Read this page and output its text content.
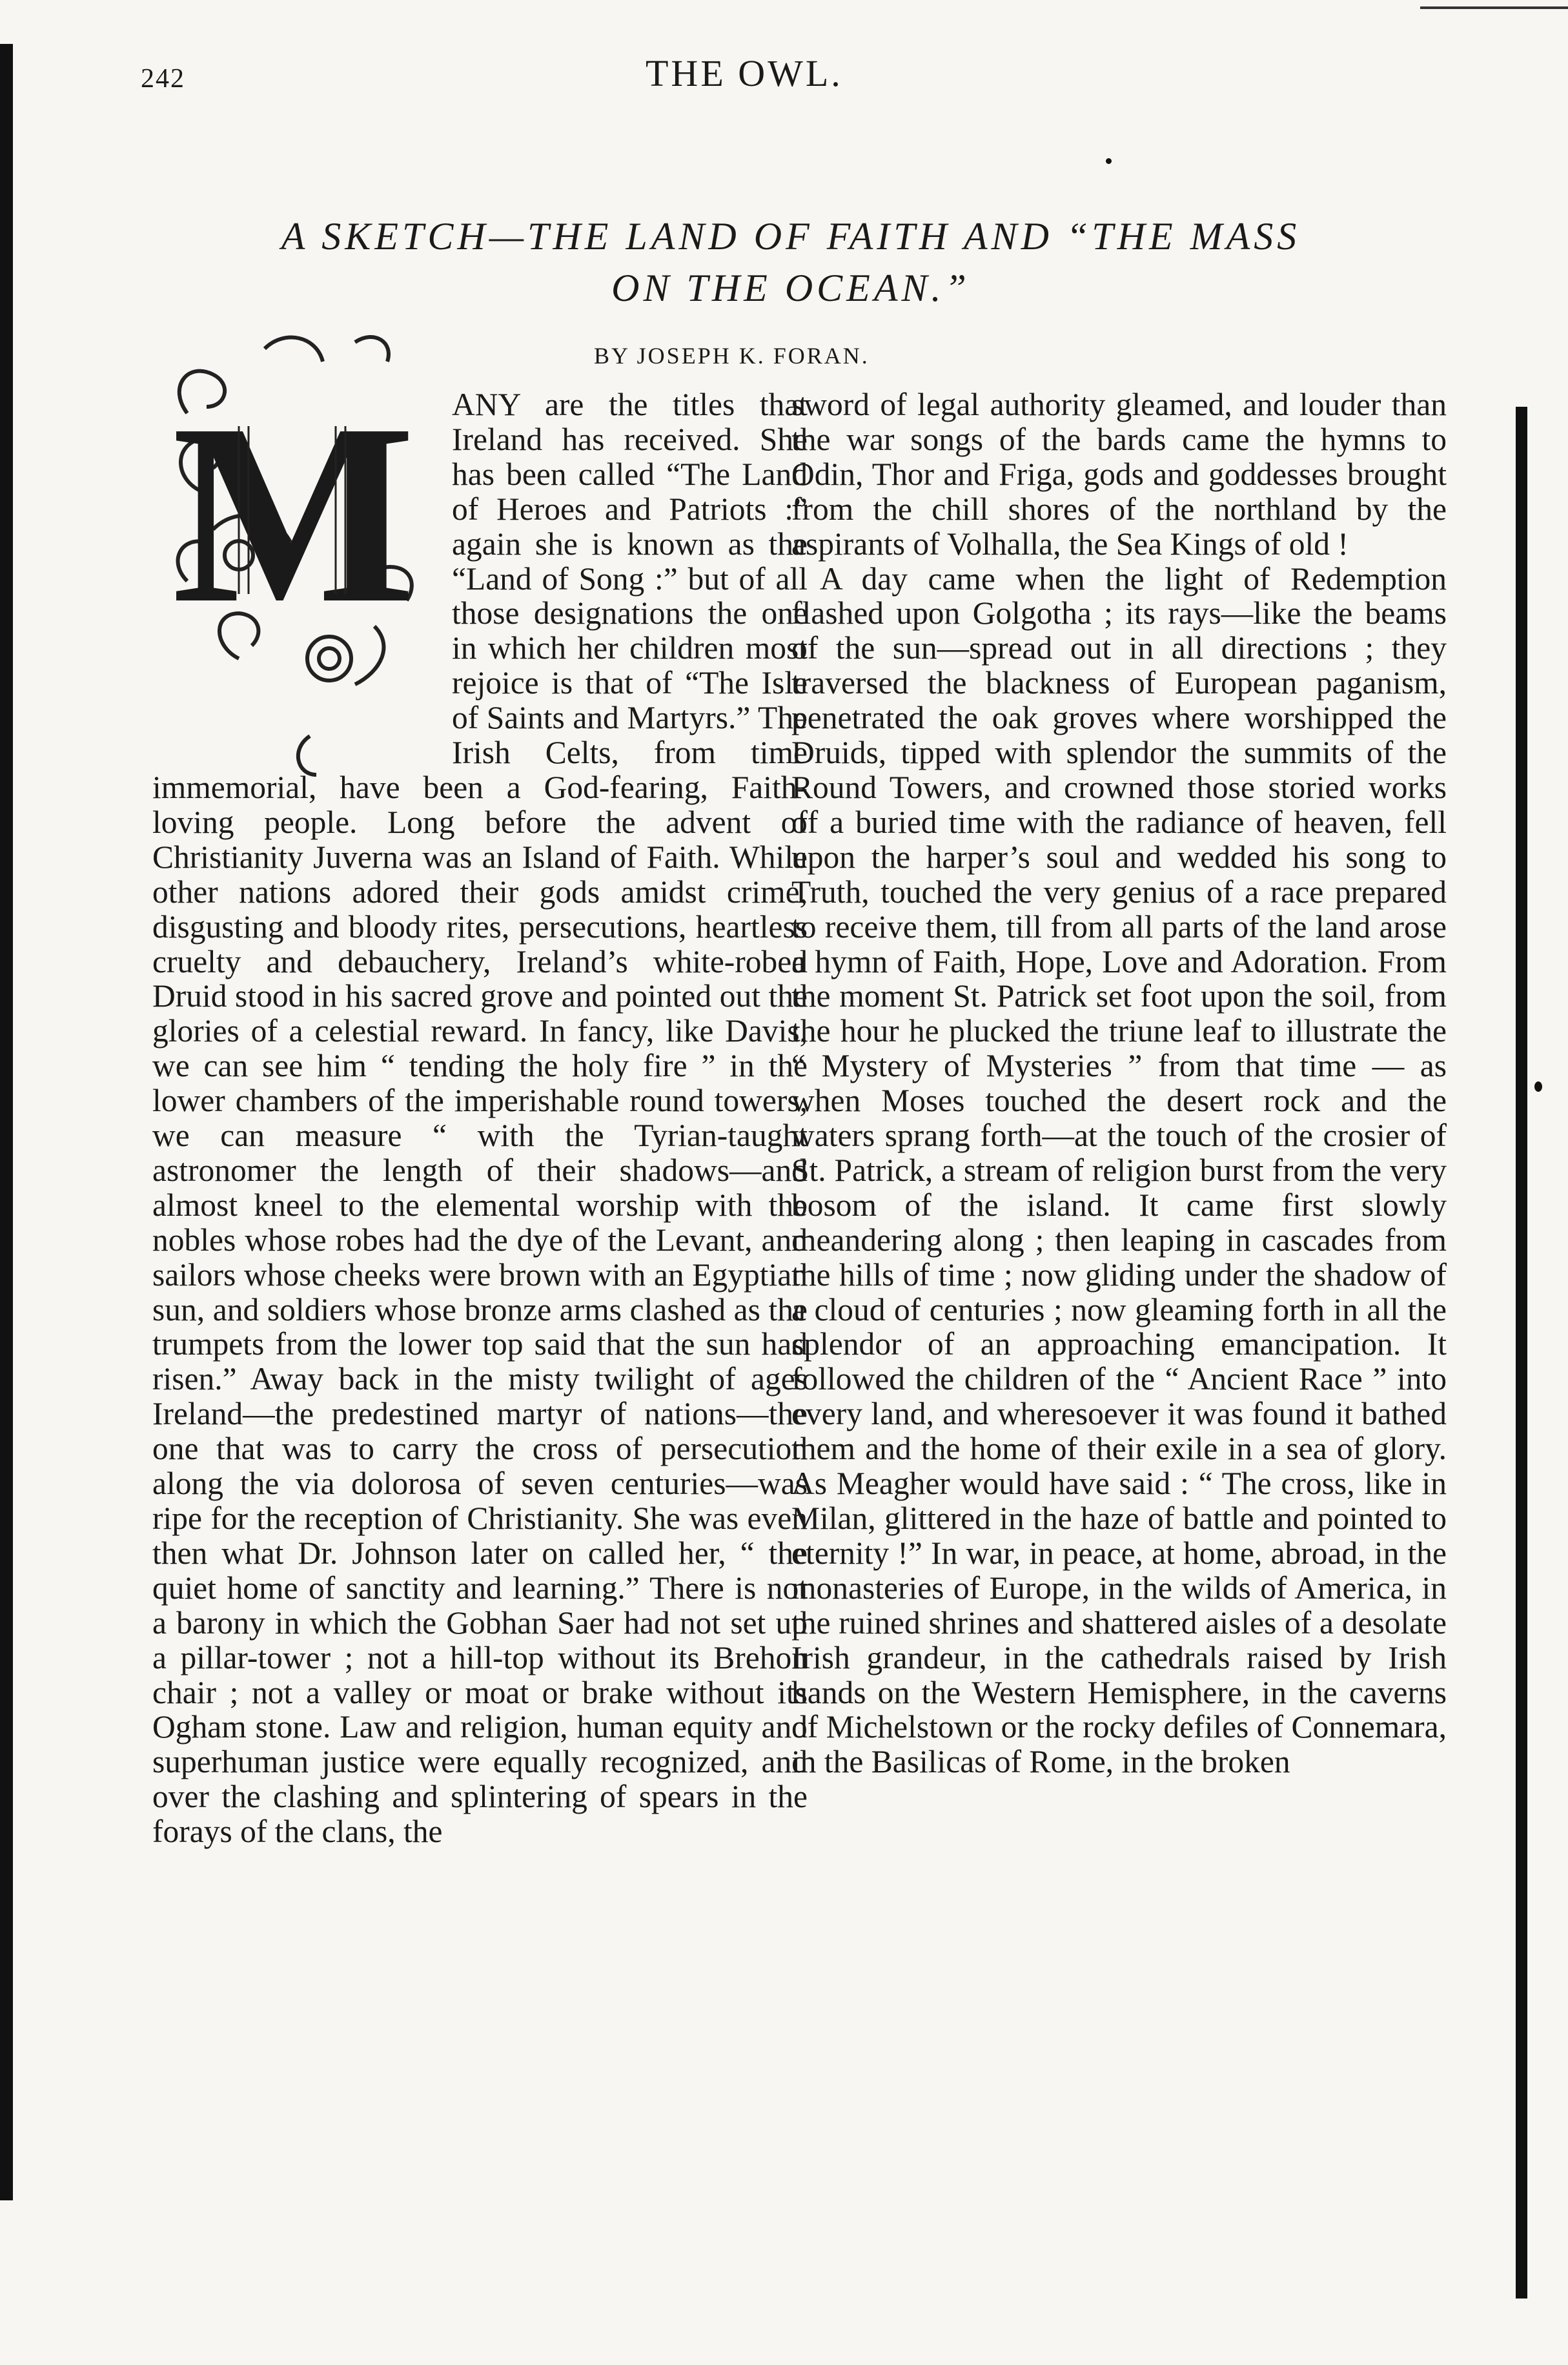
242	THE OWL.
A SKETCH—THE LAND OF FAITH AND “THE MASS
ON THE OCEAN.”
BY JOSEPH K. FORAN.
M	ANY are the titles that Ireland has received. She has been called “The Land of Heroes and Patriots :” again she is known as the “Land of Song :” but of all those designations the one in which her children most rejoice is that of “The Isle of Saints and Martyrs.” The Irish Celts, from time immemorial, have been a God-fearing, Faith-loving people. Long before the advent of Christianity Juverna was an Island of Faith. While other nations adored their gods amidst crime, disgusting and bloody rites, persecutions, heartless cruelty and debauchery, Ireland’s white-robed Druid stood in his sacred grove and pointed out the glories of a celestial reward. In fancy, like Davis, we can see him “ tending the holy fire ” in the lower chambers of the imperishable round towers, we can measure “ with the Tyrian-taught astronomer the length of their shadows—and almost kneel to the elemental worship with the nobles whose robes had the dye of the Levant, and sailors whose cheeks were brown with an Egyptian sun, and soldiers whose bronze arms clashed as the trumpets from the lower top said that the sun had risen.” Away back in the misty twilight of ages Ireland—the predestined martyr of nations—the one that was to carry the cross of persecution along the via dolorosa of seven centuries—was ripe for the reception of Christianity. She was even then what Dr. Johnson later on called her, “ the quiet home of sanctity and learning.” There is not a barony in which the Gobhan Saer had not set up a pillar-tower ; not a hill-top without its Brehon chair ; not a valley or moat or brake without its Ogham stone. Law and religion, human equity and superhuman justice were equally recognized, and over the clashing and splintering of spears in the forays of the clans, the

sword of legal authority gleamed, and louder than the war songs of the bards came the hymns to Odin, Thor and Friga, gods and goddesses brought from the chill shores of the northland by the aspirants of Volhalla, the Sea Kings of old !

A day came when the light of Redemption flashed upon Golgotha ; its rays—like the beams of the sun—spread out in all directions ; they traversed the blackness of European paganism, penetrated the oak groves where worshipped the Druids, tipped with splendor the summits of the Round Towers, and crowned those storied works of a buried time with the radiance of heaven, fell upon the harper’s soul and wedded his song to Truth, touched the very genius of a race prepared to receive them, till from all parts of the land arose a hymn of Faith, Hope, Love and Adoration. From the moment St. Patrick set foot upon the soil, from the hour he plucked the triune leaf to illustrate the “ Mystery of Mysteries ” from that time — as when Moses touched the desert rock and the waters sprang forth—at the touch of the crosier of St. Patrick, a stream of religion burst from the very bosom of the island. It came first slowly meandering along ; then leaping in cascades from the hills of time ; now gliding under the shadow of a cloud of centuries ; now gleaming forth in all the splendor of an approaching emancipation. It followed the children of the “ Ancient Race ” into every land, and wheresoever it was found it bathed them and the home of their exile in a sea of glory. As Meagher would have said : “ The cross, like in Milan, glittered in the haze of battle and pointed to eternity !” In war, in peace, at home, abroad, in the monasteries of Europe, in the wilds of America, in the ruined shrines and shattered aisles of a desolate Irish grandeur, in the cathedrals raised by Irish hands on the Western Hemisphere, in the caverns of Michelstown or the rocky defiles of Connemara, in the Basilicas of Rome, in the broken
